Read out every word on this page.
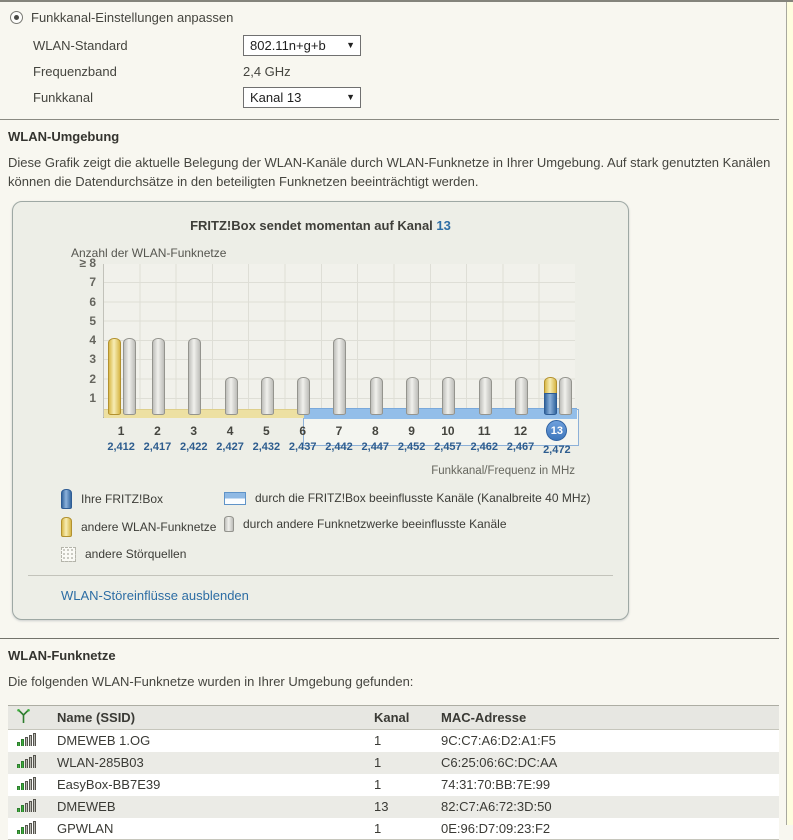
Funkkanal-Einstellungen anpassen
WLAN-Standard	802.11n+g+b ▼
Frequenzband	2,4 GHz
Funkkanal	Kanal 13	▼
WLAN-Umgebung

Diese Grafik zeigt die aktuelle Belegung der WLAN-Kanäle durch WLAN-Funknetze in Ihrer Umgebung. Auf stark genutzten Kanälen können die Datendurchsätze in den beteiligten Funknetzen beeinträchtigt werden.

FRITZ!Box sendet momentan auf Kanal 13
Anzahl der WLAN-Funknetze
≥ 8
7
6
5
4
3
2
1
1
2,412
2
2,417
3
2,422
4
2,427
5
2,432
6
2,437
7
2,442
8
2,447
9
2,452
10
2,457
11
2,462
12
2,467
13
2,472
Funkkanal/Frequenz in MHz
Ihre FRITZ!Box
andere WLAN-Funknetze
andere Störquellen
durch die FRITZ!Box beeinflusste Kanäle (Kanalbreite 40 MHz)
durch andere Funknetzwerke beeinflusste Kanäle
WLAN-Störeinflüsse ausblenden
WLAN-Funknetze

Die folgenden WLAN-Funknetze wurden in Ihrer Umgebung gefunden:

	Name (SSID)	Kanal	MAC-Adresse

	DMEWEB 1.OG	1	9C:C7:A6:D2:A1:F5

	WLAN-285B03	1	C6:25:06:6C:DC:AA

	EasyBox-BB7E39	1	74:31:70:BB:7E:99

	DMEWEB	13	82:C7:A6:72:3D:50

	GPWLAN	1	0E:96:D7:09:23:F2
